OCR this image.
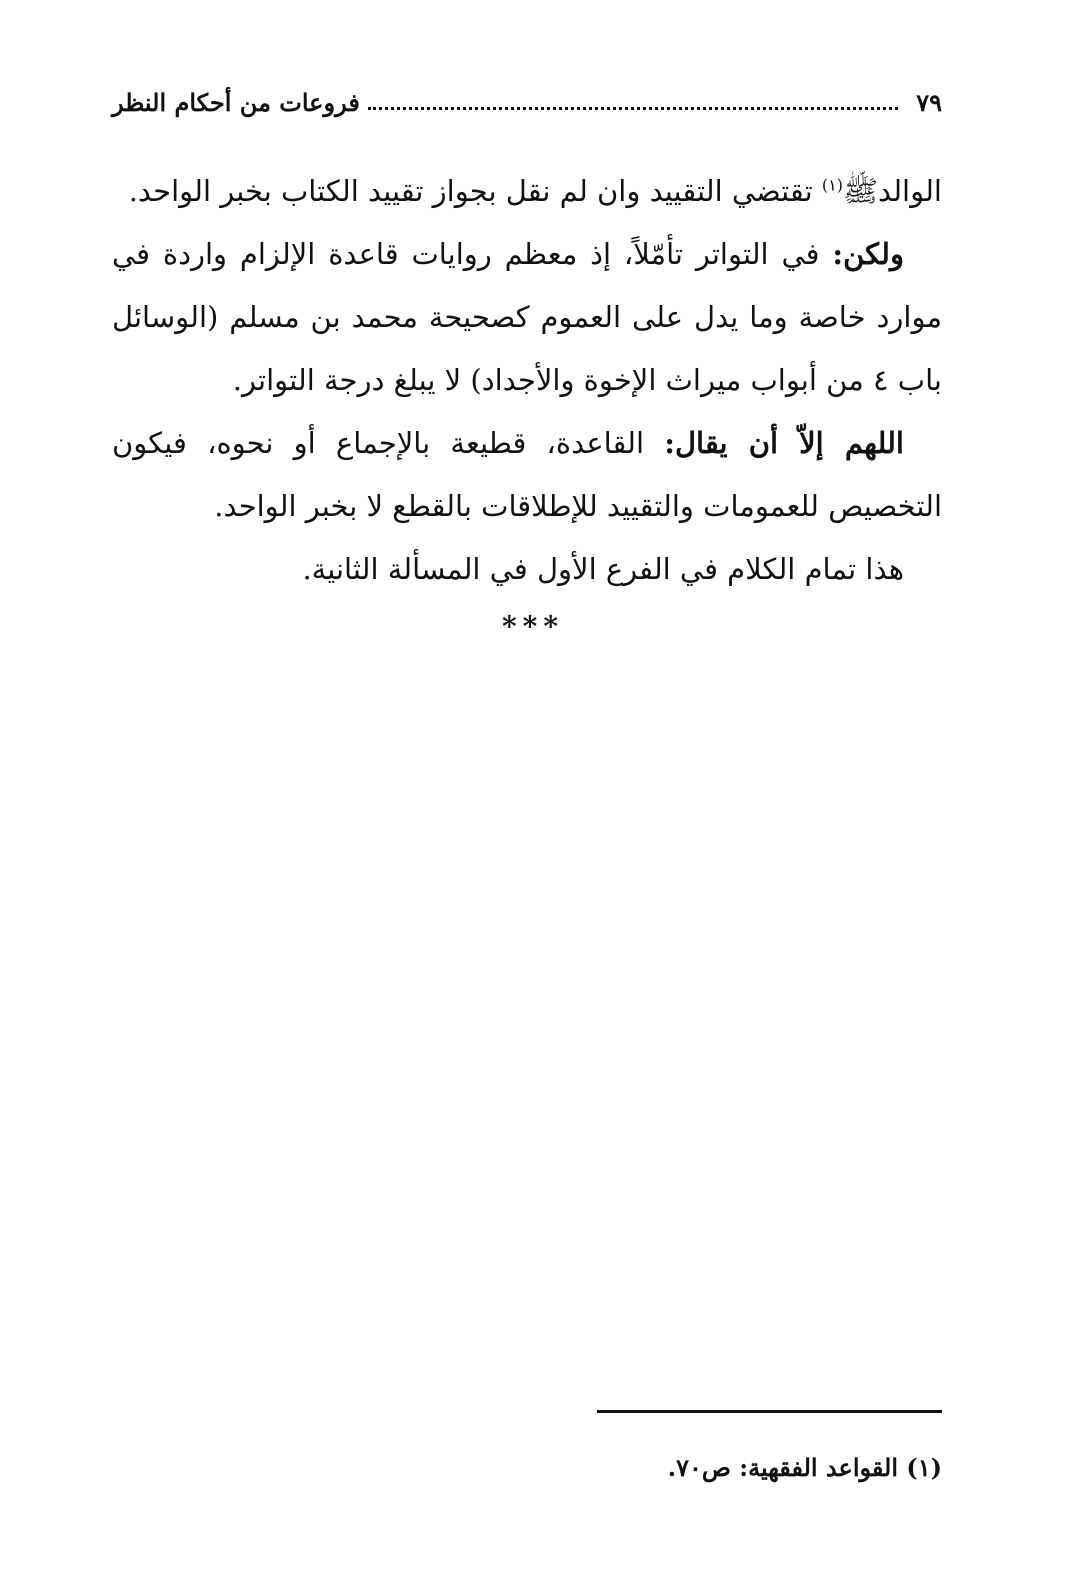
٧٩
فروعات من أحكام النظر

الوالدﷺ$^{(١)}$ تقتضي التقييد وان لم نقل بجواز تقييد الكتاب بخبر الواحد.

ولكن: في التواتر تأمّلاً، إذ معظم روايات قاعدة الإلزام واردة في موارد خاصة وما يدل على العموم كصحيحة محمد بن مسلم (الوسائل باب ٤ من أبواب ميراث الإخوة والأجداد) لا يبلغ درجة التواتر.

اللهم إلاّ أن يقال: القاعدة، قطيعة بالإجماع أو نحوه، فيكون التخصيص للعمومات والتقييد للإطلاقات بالقطع لا بخبر الواحد.

هذا تمام الكلام في الفرع الأول في المسألة الثانية.

***
(١) القواعد الفقهية: ص٧٠.
